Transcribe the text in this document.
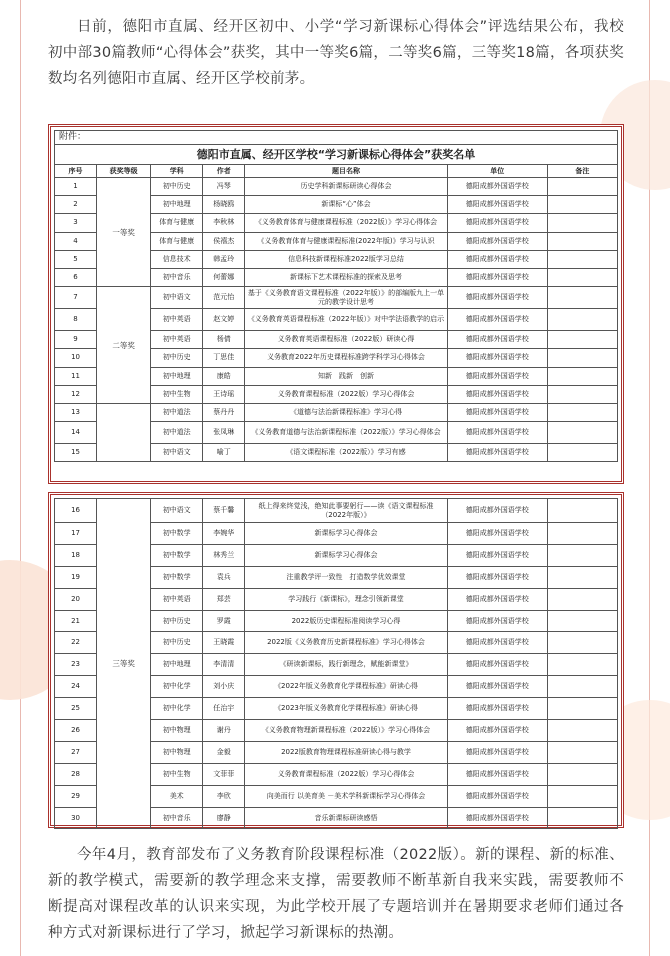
日前，德阳市直属、经开区初中、小学“学习新课标心得体会”评选结果公布，我校初中部30篇教师“心得体会”获奖，其中一等奖6篇，二等奖6篇，三等奖18篇，各项获奖数均名列德阳市直属、经开区学校前茅。

附件：						
德阳市直属、经开区学校“学习新课标心得体会”获奖名单						
序号	获奖等级	学科	作者	题目名称	单位	备注
1	一等奖	初中历史	冯琴	历史学科新课标研读心得体会	德阳成都外国语学校	
2		初中地理	杨晓鸥	新课标“心”体会	德阳成都外国语学校	
3		体育与健康	李秋林	《义务教育体育与健康课程标准（2022版）》学习心得体会	德阳成都外国语学校	
4		体育与健康	侯禧杰	《义务教育体育与健康课程标准(2022年版)》学习与认识	德阳成都外国语学校	
5		信息技术	韩孟玲	信息科技新课程标准2022版学习总结	德阳成都外国语学校	
6		初中音乐	何蕾娜	新课标下艺术课程标准的探索及思考	德阳成都外国语学校	
7	二等奖	初中语文	范元怡	基于《义务教育语文课程标准（2022年版）》的部编版九上一单元的教学设计思考	德阳成都外国语学校	
8		初中英语	赵文婷	《义务教育英语课程标准（2022年版）》对中学法语教学的启示	德阳成都外国语学校	
9		初中英语	杨倩	义务教育英语课程标准（2022版）研读心得	德阳成都外国语学校	
10		初中历史	丁思佳	义务教育2022年历史课程标准跨学科学习心得体会	德阳成都外国语学校	
11		初中地理	康皓	知新　践新　创新	德阳成都外国语学校	
12		初中生物	王诗瑶	义务教育课程标准（2022版）学习心得体会	德阳成都外国语学校	
13		初中道法	蔡丹丹	《道德与法治新课程标准》学习心得	德阳成都外国语学校	
14		初中道法	张凤琳	《义务教育道德与法治新课程标准（2022版）》学习心得体会	德阳成都外国语学校	
15		初中语文	喻丁	《语文课程标准（2022版）》学习有感	德阳成都外国语学校	
16	三等奖	初中语文	蔡千馨	纸上得来终觉浅，绝知此事要躬行——读《语文课程标准（2022年版）》	德阳成都外国语学校	
17		初中数学	李婉华	新课标学习心得体会	德阳成都外国语学校	
18		初中数学	林秀兰	新课标学习心得体会	德阳成都外国语学校	
19		初中数学	袁兵	注重教学评一致性　打造数学优效课堂	德阳成都外国语学校	
20		初中英语	郑芸	学习践行《新课标》，理念引领新课堂	德阳成都外国语学校	
21		初中历史	罗霞	2022版历史课程标准阅读学习心得	德阳成都外国语学校	
22		初中历史	王晓霞	2022版《义务教育历史新课程标准》学习心得体会	德阳成都外国语学校	
23		初中地理	李清清	《研读新课标，践行新理念，赋能新课堂》	德阳成都外国语学校	
24		初中化学	刘小庆	《2022年版义务教育化学课程标准》研读心得	德阳成都外国语学校	
25		初中化学	任治宇	《2023年版义务教育化学课程标准》研读心得	德阳成都外国语学校	
26		初中物理	谢丹	《义务教育物理新课程标准（2022版）》学习心得体会	德阳成都外国语学校	
27		初中物理	金毅	2022版教育物理课程标准研读心得与教学	德阳成都外国语学校	
28		初中生物	文菲菲	义务教育课程标准（2022版）学习心得体会	德阳成都外国语学校	
29		美术	李欣	向美而行 以美育美 －美术学科新课标学习心得体会	德阳成都外国语学校	
30		初中音乐	廖静	音乐新课标研读感悟	德阳成都外国语学校	

今年4月，教育部发布了义务教育阶段课程标准（2022版）。新的课程、新的标准、新的教学模式，需要新的教学理念来支撑，需要教师不断革新自我来实践，需要教师不断提高对课程改革的认识来实现，为此学校开展了专题培训并在暑期要求老师们通过各种方式对新课标进行了学习，掀起学习新课标的热潮。
